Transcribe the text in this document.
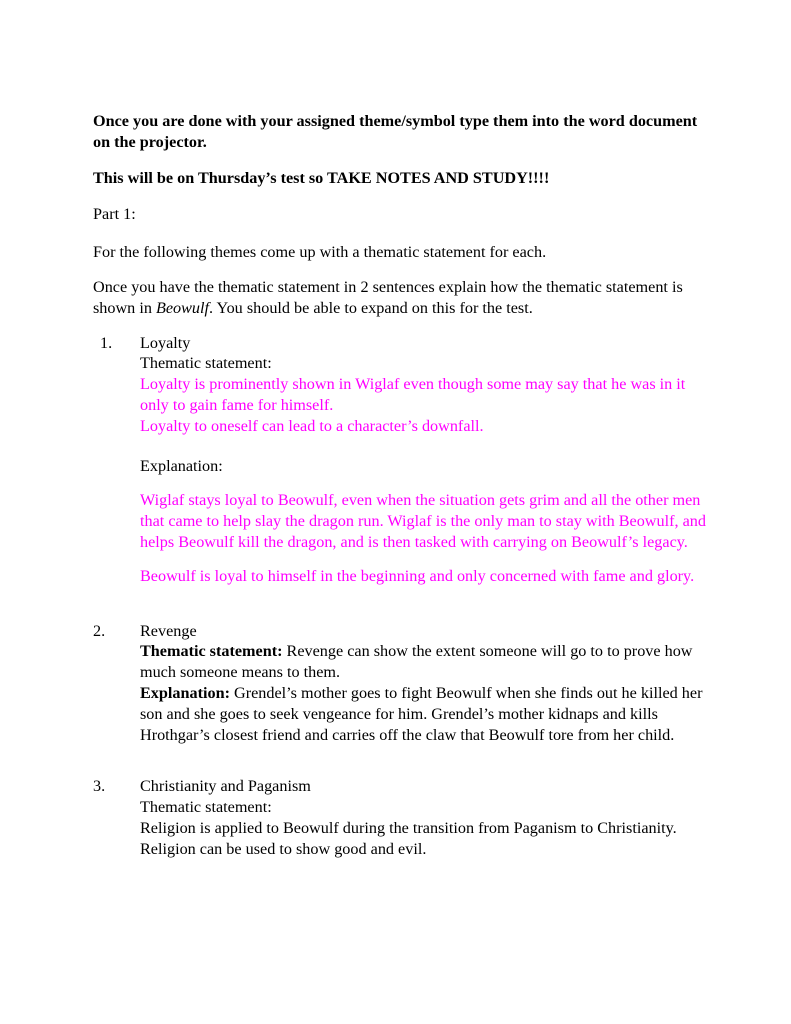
Once you are done with your assigned theme/symbol type them into the word document on the projector.

This will be on Thursday’s test so TAKE NOTES AND STUDY!!!!

Part 1:

For the following themes come up with a thematic statement for each.

Once you have the thematic statement in 2 sentences explain how the thematic statement is shown in Beowulf. You should be able to expand on this for the test.

1. Loyalty

Thematic statement:

Loyalty is prominently shown in Wiglaf even though some may say that he was in it only to gain fame for himself.

Loyalty to oneself can lead to a character’s downfall.

Explanation:

Wiglaf stays loyal to Beowulf, even when the situation gets grim and all the other men that came to help slay the dragon run. Wiglaf is the only man to stay with Beowulf, and helps Beowulf kill the dragon, and is then tasked with carrying on Beowulf’s legacy.

Beowulf is loyal to himself in the beginning and only concerned with fame and glory.

2. Revenge

Thematic statement: Revenge can show the extent someone will go to to prove how much someone means to them.

Explanation: Grendel’s mother goes to fight Beowulf when she finds out he killed her son and she goes to seek vengeance for him. Grendel’s mother kidnaps and kills Hrothgar’s closest friend and carries off the claw that Beowulf tore from her child.

3. Christianity and Paganism

Thematic statement:

Religion is applied to Beowulf during the transition from Paganism to Christianity.

Religion can be used to show good and evil.
